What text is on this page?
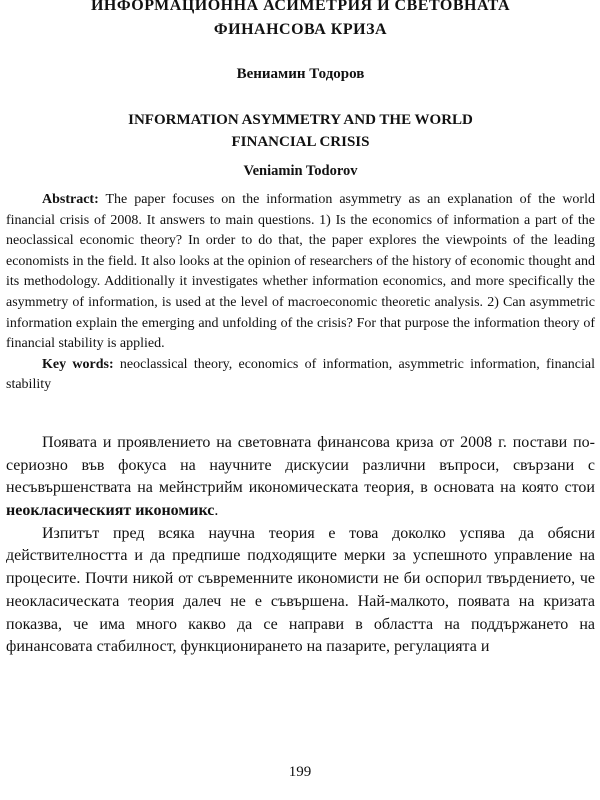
ИНФОРМАЦИОННА АСИМЕТРИЯ И СВЕТОВНАТА
ФИНАНСОВА КРИЗА
Вениамин Тодоров
INFORMATION ASYMMETRY AND THE WORLD
FINANCIAL CRISIS
Veniamin Todorov

Abstract: The paper focuses on the information asymmetry as an explanation of the world financial crisis of 2008. It answers to main questions. 1) Is the economics of information a part of the neoclassical economic theory? In order to do that, the paper explores the viewpoints of the leading economists in the field. It also looks at the opinion of researchers of the history of economic thought and its methodology. Additionally it investigates whether information economics, and more specifically the asymmetry of information, is used at the level of macroeconomic theoretic analysis. 2) Can asymmetric information explain the emerging and unfolding of the crisis? For that purpose the information theory of financial stability is applied.

Key words: neoclassical theory, economics of information, asymmetric information, financial stability

Появата и проявлението на световната финансова криза от 2008 г. постави по-сериозно във фокуса на научните дискусии различни въпроси, свързани с несъвършенствата на мейнстрийм икономическата теория, в основата на която стои неокласическият икономикс.

Изпитът пред всяка научна теория е това доколко успява да обясни действителността и да предпише подходящите мерки за успешното управление на процесите. Почти никой от съвременните икономисти не би оспорил твърдението, че неокласическата теория далеч не е съвършена. Най-малкото, появата на кризата показва, че има много какво да се направи в областта на поддържането на финансовата стабилност, функционирането на пазарите, регулацията и

199
